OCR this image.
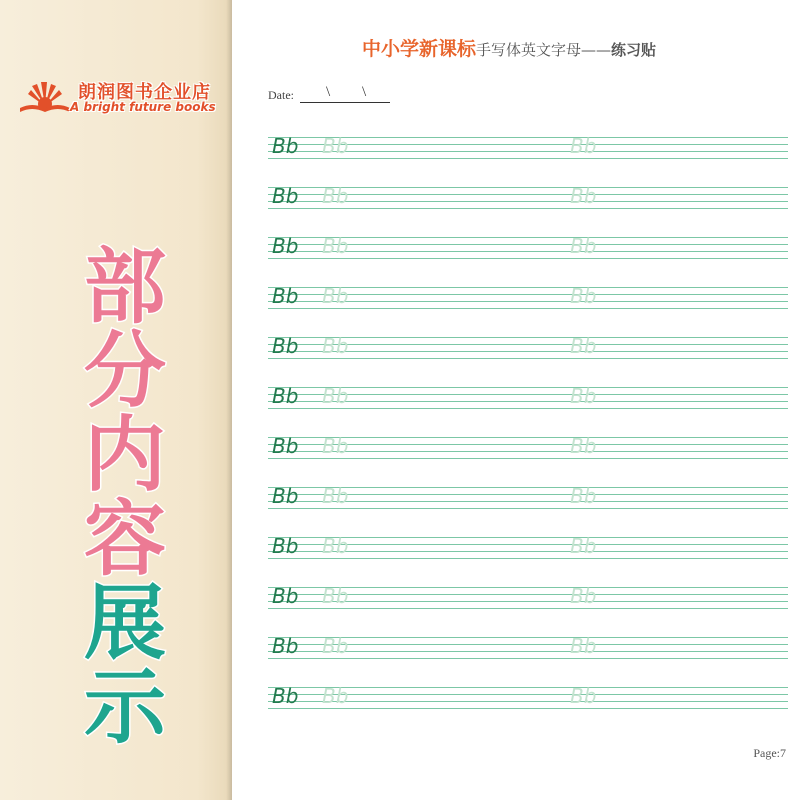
朗润图书企业店
A bright future books
部
分
内
容
展
示
中小学新课标手写体英文字母——练习贴
Date: \ \
Bb Bb	Bb
Bb Bb	Bb
Bb Bb	Bb
Bb Bb	Bb
Bb Bb	Bb
Bb Bb	Bb
Bb Bb	Bb
Bb Bb	Bb
Bb Bb	Bb
Bb Bb	Bb
Bb Bb	Bb
Bb Bb	Bb
Page:7
